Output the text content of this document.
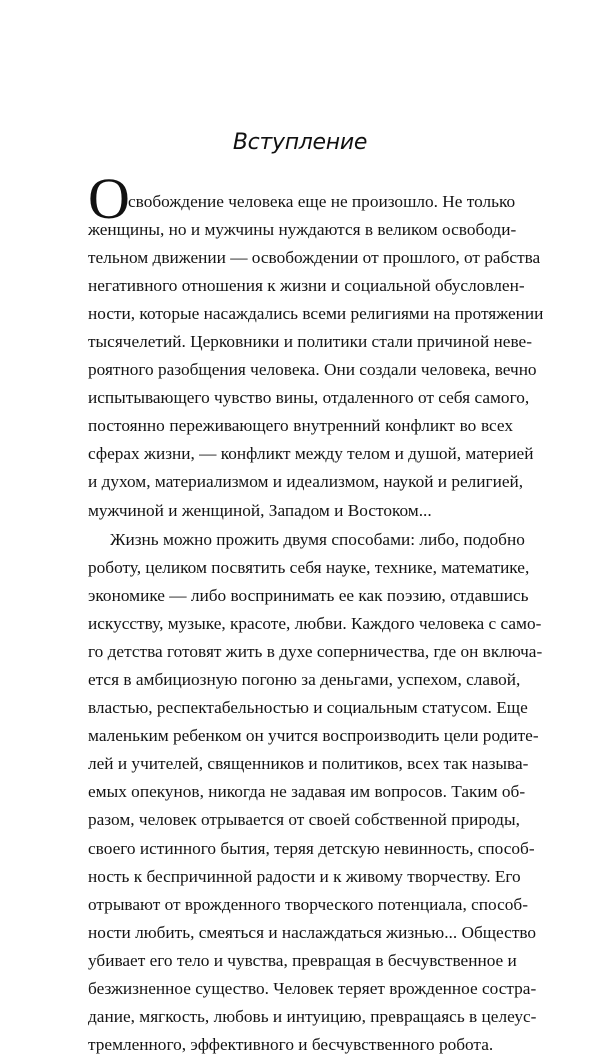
Вступление
О
свобождение человека еще не произошло. Не только
женщины, но и мужчины нуждаются в великом освободи-
тельном движении — освобождении от прошлого, от рабства
негативного отношения к жизни и социальной обусловлен-
ности, которые насаждались всеми религиями на протяжении
тысячелетий. Церковники и политики стали причиной неве-
роятного разобщения человека. Они создали человека, вечно
испытывающего чувство вины, отдаленного от себя самого,
постоянно переживающего внутренний конфликт во всех
сферах жизни, — конфликт между телом и душой, материей
и духом, материализмом и идеализмом, наукой и религией,
мужчиной и женщиной, Западом и Востоком...
Жизнь можно прожить двумя способами: либо, подобно
роботу, целиком посвятить себя науке, технике, математике,
экономике — либо воспринимать ее как поэзию, отдавшись
искусству, музыке, красоте, любви. Каждого человека с само-
го детства готовят жить в духе соперничества, где он включа-
ется в амбициозную погоню за деньгами, успехом, славой,
властью, респектабельностью и социальным статусом. Еще
маленьким ребенком он учится воспроизводить цели родите-
лей и учителей, священников и политиков, всех так называ-
емых опекунов, никогда не задавая им вопросов. Таким об-
разом, человек отрывается от своей собственной природы,
своего истинного бытия, теряя детскую невинность, способ-
ность к беспричинной радости и к живому творчеству. Его
отрывают от врожденного творческого потенциала, способ-
ности любить, смеяться и наслаждаться жизнью... Общество
убивает его тело и чувства, превращая в бесчувственное и
безжизненное существо. Человек теряет врожденное сострa-
дание, мягкость, любовь и интуицию, превращаясь в целеус-
тремленного, эффективного и бесчувственного робота.
